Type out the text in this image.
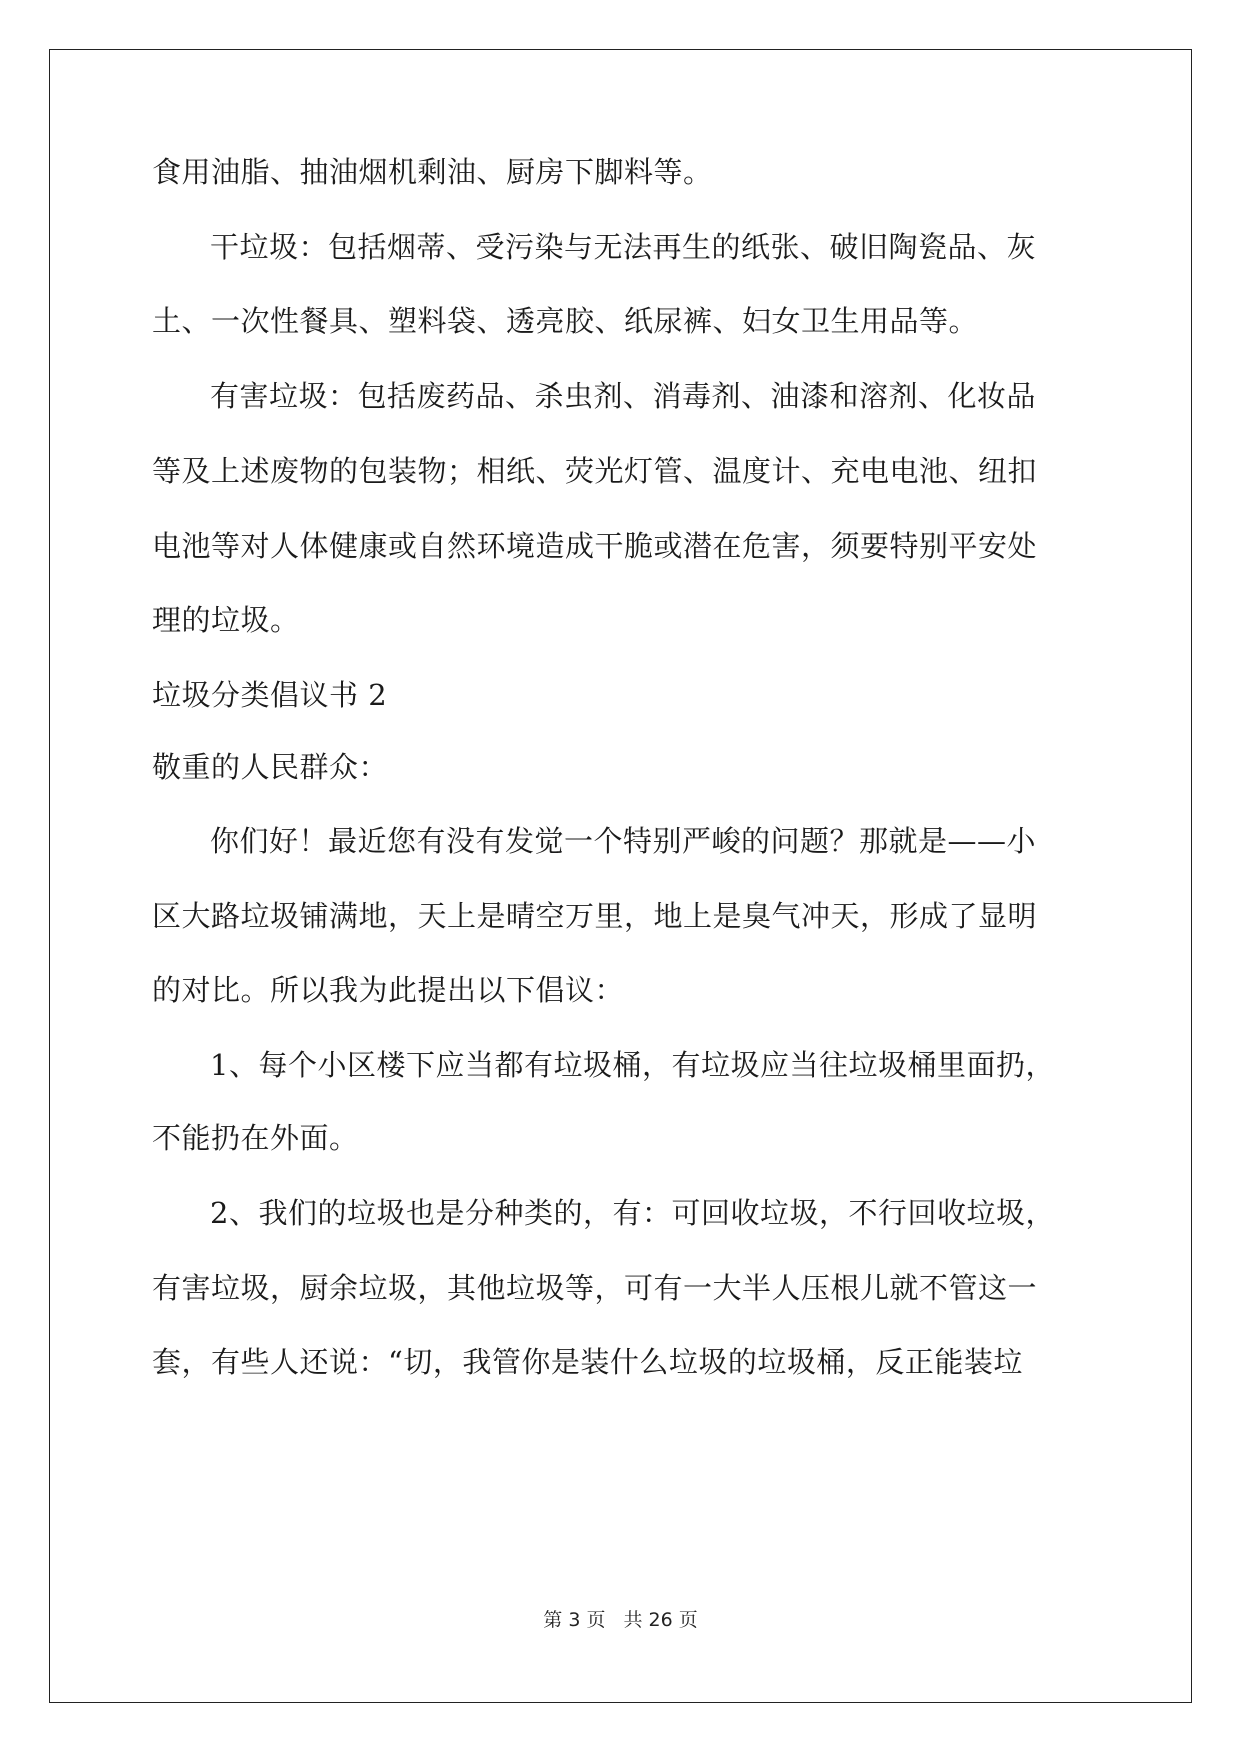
食用油脂、抽油烟机剩油、厨房下脚料等。
干垃圾：包括烟蒂、受污染与无法再生的纸张、破旧陶瓷品、灰
土、一次性餐具、塑料袋、透亮胶、纸尿裤、妇女卫生用品等。
有害垃圾：包括废药品、杀虫剂、消毒剂、油漆和溶剂、化妆品
等及上述废物的包装物；相纸、荧光灯管、温度计、充电电池、纽扣
电池等对人体健康或自然环境造成干脆或潜在危害，须要特别平安处
理的垃圾。
垃圾分类倡议书 2
敬重的人民群众：
你们好！最近您有没有发觉一个特别严峻的问题？那就是——小
区大路垃圾铺满地，天上是晴空万里，地上是臭气冲天，形成了显明
的对比。所以我为此提出以下倡议：
1、每个小区楼下应当都有垃圾桶，有垃圾应当往垃圾桶里面扔，
不能扔在外面。
2、我们的垃圾也是分种类的，有：可回收垃圾，不行回收垃圾，
有害垃圾，厨余垃圾，其他垃圾等，可有一大半人压根儿就不管这一
套，有些人还说：“切，我管你是装什么垃圾的垃圾桶，反正能装垃
第 3 页 共 26 页
